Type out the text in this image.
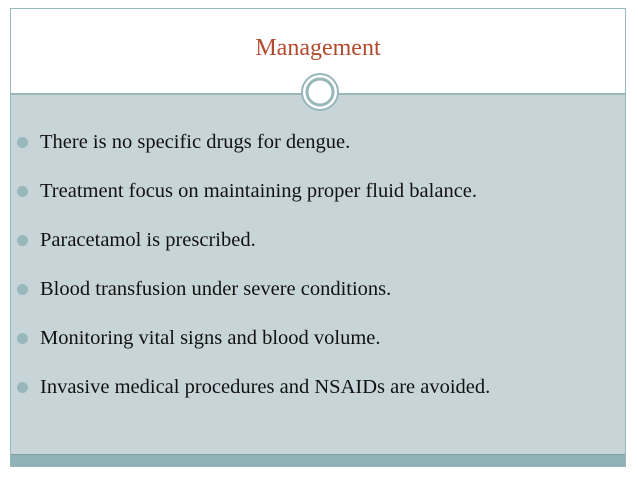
Management
There is no specific drugs for dengue.
Treatment focus on maintaining proper fluid balance.
Paracetamol is prescribed.
Blood transfusion under severe conditions.
Monitoring vital signs and blood volume.
Invasive medical procedures and NSAIDs are avoided.
